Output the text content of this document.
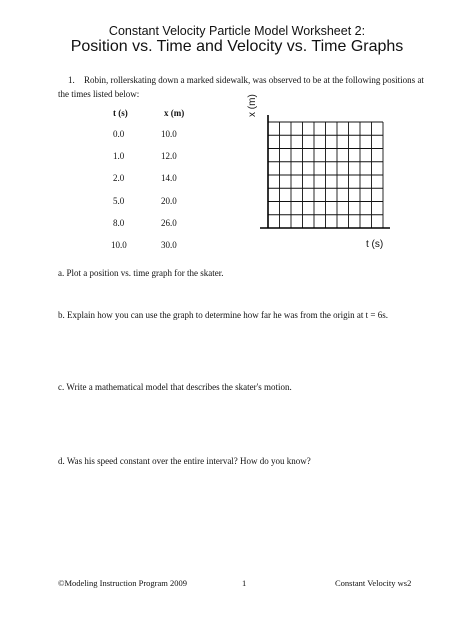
Constant Velocity Particle Model Worksheet 2:
Position vs. Time and Velocity vs. Time Graphs
1. Robin, rollerskating down a marked sidewalk, was observed to be at the following positions at
the times listed below:
t (s)	x (m)
0.0	10.0
1.0	12.0
2.0	14.0
5.0	20.0
8.0	26.0
10.0	30.0
x (m)
t (s)
a. Plot a position vs. time graph for the skater.
b. Explain how you can use the graph to determine how far he was from the origin at t = 6s.
c. Write a mathematical model that describes the skater's motion.
d. Was his speed constant over the entire interval? How do you know?
©Modeling Instruction Program 2009	1	Constant Velocity ws2
